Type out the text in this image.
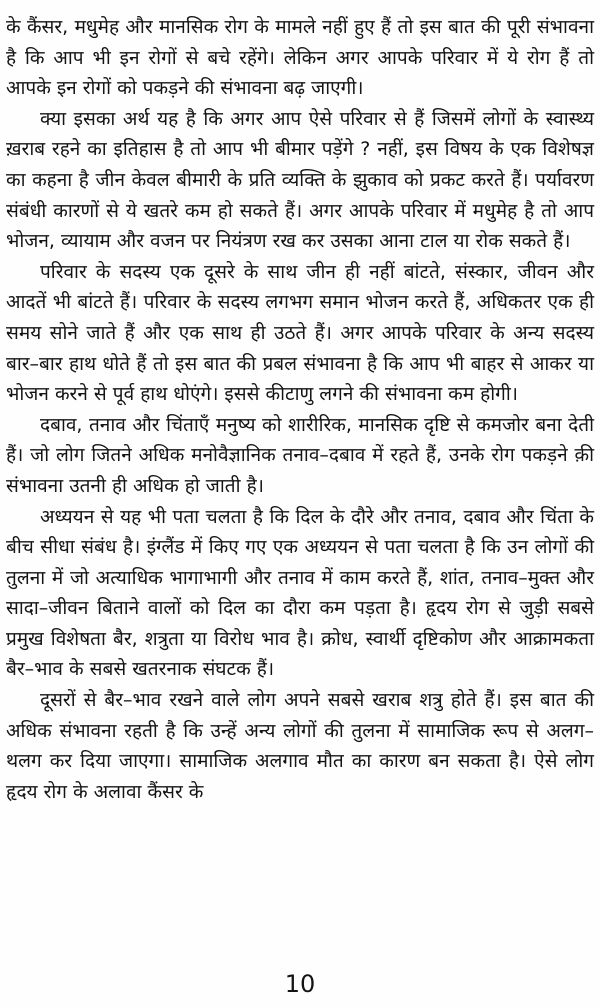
के कैंसर, मधुमेह और मानसिक रोग के मामले नहीं हुए हैं तो इस बात की पूरी संभावना है कि आप भी इन रोगों से बचे रहेंगे। लेकिन अगर आपके परिवार में ये रोग हैं तो आपके इन रोगों को पकड़ने की संभावना बढ़ जाएगी।

क्या इसका अर्थ यह है कि अगर आप ऐसे परिवार से हैं जिसमें लोगों के स्वास्थ्य ख़राब रहने का इतिहास है तो आप भी बीमार पड़ेंगे ? नहीं, इस विषय के एक विशेषज्ञ का कहना है जीन केवल बीमारी के प्रति व्यक्ति के झुकाव को प्रकट करते हैं। पर्यावरण संबंधी कारणों से ये खतरे कम हो सकते हैं। अगर आपके परिवार में मधुमेह है तो आप भोजन, व्यायाम और वजन पर नियंत्रण रख कर उसका आना टाल या रोक सकते हैं।

परिवार के सदस्य एक दूसरे के साथ जीन ही नहीं बांटते, संस्कार, जीवन और आदतें भी बांटते हैं। परिवार के सदस्य लगभग समान भोजन करते हैं, अधिकतर एक ही समय सोने जाते हैं और एक साथ ही उठते हैं। अगर आपके परिवार के अन्य सदस्य बार–बार हाथ धोते हैं तो इस बात की प्रबल संभावना है कि आप भी बाहर से आकर या भोजन करने से पूर्व हाथ धोएंगे। इससे कीटाणु लगने की संभावना कम होगी।

दबाव, तनाव और चिंताएँ मनुष्य को शारीरिक, मानसिक दृष्टि से कमजोर बना देती हैं। जो लोग जितने अधिक मनोवैज्ञानिक तनाव–दबाव में रहते हैं, उनके रोग पकड़ने क़ी संभावना उतनी ही अधिक हो जाती है।

अध्ययन से यह भी पता चलता है कि दिल के दौरे और तनाव, दबाव और चिंता के बीच सीधा संबंध है। इंग्लैंड में किए गए एक अध्ययन से पता चलता है कि उन लोगों की तुलना में जो अत्याधिक भागाभागी और तनाव में काम करते हैं, शांत, तनाव–मुक्त और सादा–जीवन बिताने वालों को दिल का दौरा कम पड़ता है। हृदय रोग से जुड़ी सबसे प्रमुख विशेषता बैर, शत्रुता या विरोध भाव है। क्रोध, स्वार्थी दृष्टिकोण और आक्रामकता बैर–भाव के सबसे खतरनाक संघटक हैं।

दूसरों से बैर–भाव रखने वाले लोग अपने सबसे खराब शत्रु होते हैं। इस बात की अधिक संभावना रहती है कि उन्हें अन्य लोगों की तुलना में सामाजिक रूप से अलग–थलग कर दिया जाएगा। सामाजिक अलगाव मौत का कारण बन सकता है। ऐसे लोग हृदय रोग के अलावा कैंसर के

10
